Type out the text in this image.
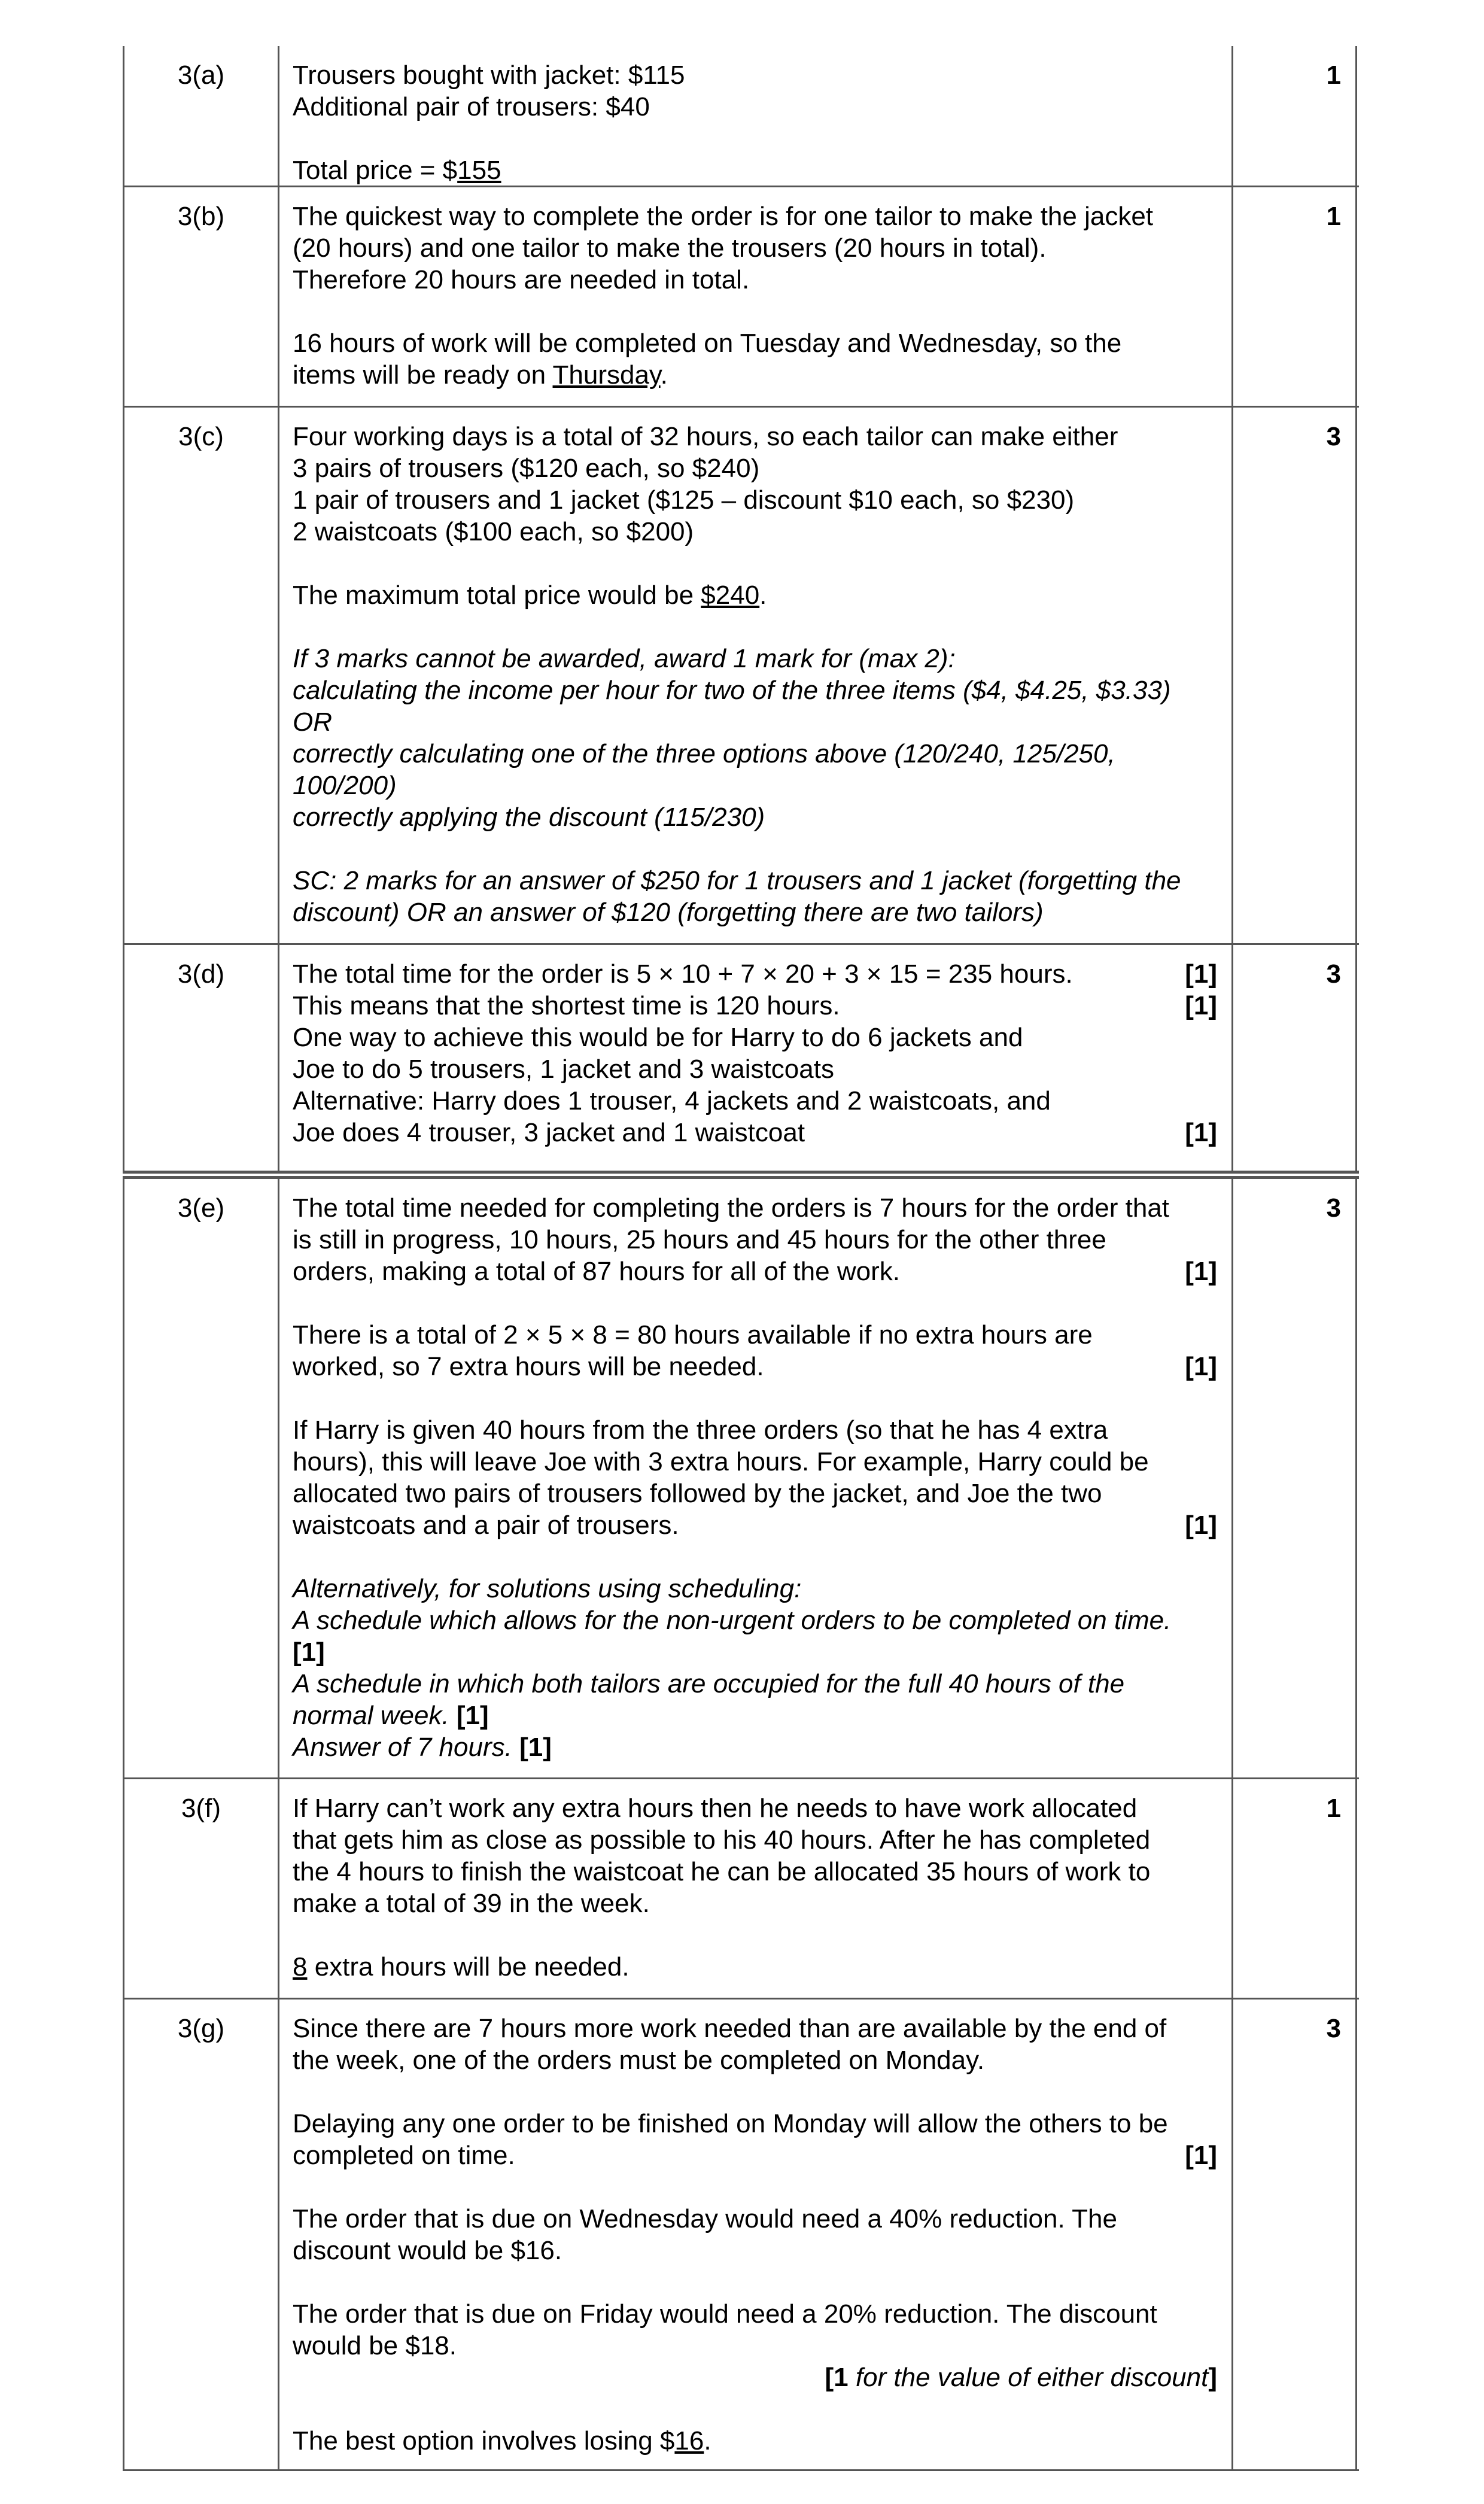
3(a)	Trousers bought with jacket: $115
Additional pair of trousers: $40
Total price = $155
1
3(b)	The quickest way to complete the order is for one tailor to make the jacket
(20 hours) and one tailor to make the trousers (20 hours in total).
Therefore 20 hours are needed in total.
16 hours of work will be completed on Tuesday and Wednesday, so the
items will be ready on Thursday.
1
3(c)	Four working days is a total of 32 hours, so each tailor can make either
3 pairs of trousers ($120 each, so $240)
1 pair of trousers and 1 jacket ($125 – discount $10 each, so $230)
2 waistcoats ($100 each, so $200)
The maximum total price would be $240.
If 3 marks cannot be awarded, award 1 mark for (max 2):
calculating the income per hour for two of the three items ($4, $4.25, $3.33)
OR
correctly calculating one of the three options above (120/240, 125/250,
100/200)
correctly applying the discount (115/230)
SC: 2 marks for an answer of $250 for 1 trousers and 1 jacket (forgetting the
discount) OR an answer of $120 (forgetting there are two tailors)
3
3(d)	The total time for the order is 5 × 10 + 7 × 20 + 3 × 15 = 235 hours.	[1]
This means that the shortest time is 120 hours.	[1]
One way to achieve this would be for Harry to do 6 jackets and
Joe to do 5 trousers, 1 jacket and 3 waistcoats
Alternative: Harry does 1 trouser, 4 jackets and 2 waistcoats, and
Joe does 4 trouser, 3 jacket and 1 waistcoat	[1]
3
3(e)	The total time needed for completing the orders is 7 hours for the order that
is still in progress, 10 hours, 25 hours and 45 hours for the other three
orders, making a total of 87 hours for all of the work.	[1]
There is a total of 2 × 5 × 8 = 80 hours available if no extra hours are
worked, so 7 extra hours will be needed.	[1]
If Harry is given 40 hours from the three orders (so that he has 4 extra
hours), this will leave Joe with 3 extra hours. For example, Harry could be
allocated two pairs of trousers followed by the jacket, and Joe the two
waistcoats and a pair of trousers.	[1]
Alternatively, for solutions using scheduling:
A schedule which allows for the non-urgent orders to be completed on time.
[1]
A schedule in which both tailors are occupied for the full 40 hours of the
normal week. [1]
Answer of 7 hours. [1]
3
3(f)	If Harry can’t work any extra hours then he needs to have work allocated
that gets him as close as possible to his 40 hours. After he has completed
the 4 hours to finish the waistcoat he can be allocated 35 hours of work to
make a total of 39 in the week.
8 extra hours will be needed.
1
3(g)	Since there are 7 hours more work needed than are available by the end of
the week, one of the orders must be completed on Monday.
Delaying any one order to be finished on Monday will allow the others to be
completed on time.	[1]
The order that is due on Wednesday would need a 40% reduction. The
discount would be $16.
The order that is due on Friday would need a 20% reduction. The discount
would be $18.
[1 for the value of either discount]
The best option involves losing $16.
3
